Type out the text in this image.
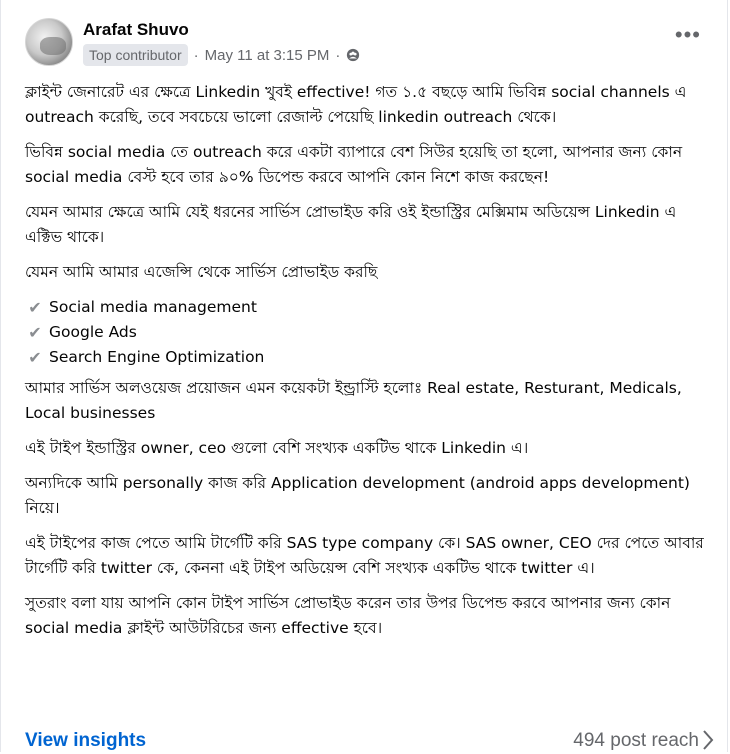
Arafat Shuvo
Top contributor · May 11 at 3:15 PM ·
•••

ক্লাইন্ট জেনারেট এর ক্ষেত্রে Linkedin খুবই effective! গত ১.৫ বছড়ে আমি ভিবিন্ন social channels এ outreach করেছি, তবে সবচেয়ে ভালো রেজাল্ট পেয়েছি linkedin outreach থেকে।

ভিবিন্ন social media তে outreach করে একটা ব্যাপারে বেশ সিউর হয়েছি তা হলো, আপনার জন্য কোন social media বেস্ট হবে তার ৯০% ডিপেন্ড করবে আপনি কোন নিশে কাজ করছেন!

যেমন আমার ক্ষেত্রে আমি যেই ধরনের সার্ভিস প্রোভাইড করি ওই ইন্ডাস্ট্রির মেক্সিমাম অডিয়েন্স Linkedin এ এক্টিভ থাকে।

যেমন আমি আমার এজেন্সি থেকে সার্ভিস প্রোভাইড করছি

✔ Social media management
✔ Google Ads
✔ Search Engine Optimization

আমার সার্ভিস অলওয়েজ প্রয়োজন এমন কয়েকটা ইন্ড্রাস্টি হলোঃ Real estate, Resturant, Medicals, Local businesses

এই টাইপ ইন্ডাস্ট্রির owner, ceo গুলো বেশি সংখ্যক একটিভ থাকে Linkedin এ।

অন্যদিকে আমি personally কাজ করি Application development (android apps development) নিয়ে।

এই টাইপের কাজ পেতে আমি টার্গেটি করি SAS type company কে। SAS owner, CEO দের পেতে আবার টার্গেটি করি twitter কে, কেননা এই টাইপ অডিয়েন্স বেশি সংখ্যক একটিভ থাকে twitter এ।

সুতরাং বলা যায় আপনি কোন টাইপ সার্ভিস প্রোভাইড করেন তার উপর ডিপেন্ড করবে আপনার জন্য কোন social media ক্লাইন্ট আউটরিচের জন্য effective হবে।

View insights	494 post reach
